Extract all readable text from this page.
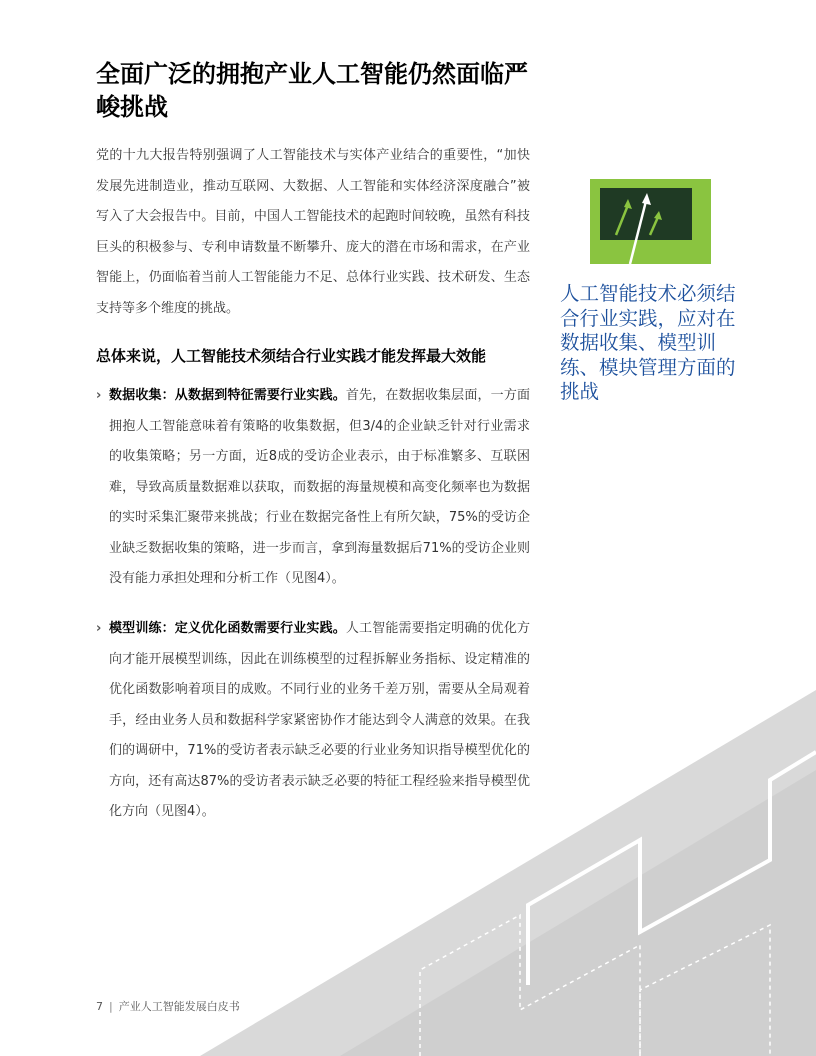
全面广泛的拥抱产业人工智能仍然面临严峻挑战

党的十九大报告特别强调了人工智能技术与实体产业结合的重要性，“加快发展先进制造业，推动互联网、大数据、人工智能和实体经济深度融合”被写入了大会报告中。目前，中国人工智能技术的起跑时间较晚，虽然有科技巨头的积极参与、专利申请数量不断攀升、庞大的潜在市场和需求，在产业智能上，仍面临着当前人工智能能力不足、总体行业实践、技术研发、生态支持等多个维度的挑战。

总体来说，人工智能技术须结合行业实践才能发挥最大效能
› 数据收集：从数据到特征需要行业实践。首先，在数据收集层面，一方面拥抱人工智能意味着有策略的收集数据，但3/4的企业缺乏针对行业需求的收集策略；另一方面，近8成的受访企业表示，由于标准繁多、互联困难，导致高质量数据难以获取，而数据的海量规模和高变化频率也为数据的实时采集汇聚带来挑战；行业在数据完备性上有所欠缺，75%的受访企业缺乏数据收集的策略，进一步而言，拿到海量数据后71%的受访企业则没有能力承担处理和分析工作（见图4）。
› 模型训练：定义优化函数需要行业实践。人工智能需要指定明确的优化方向才能开展模型训练，因此在训练模型的过程拆解业务指标、设定精准的优化函数影响着项目的成败。不同行业的业务千差万别，需要从全局观着手，经由业务人员和数据科学家紧密协作才能达到令人满意的效果。在我们的调研中，71%的受访者表示缺乏必要的行业业务知识指导模型优化的方向，还有高达87%的受访者表示缺乏必要的特征工程经验来指导模型优化方向（见图4）。

人工智能技术必须结合行业实践，应对在数据收集、模型训练、模块管理方面的挑战

7 | 产业人工智能发展白皮书
